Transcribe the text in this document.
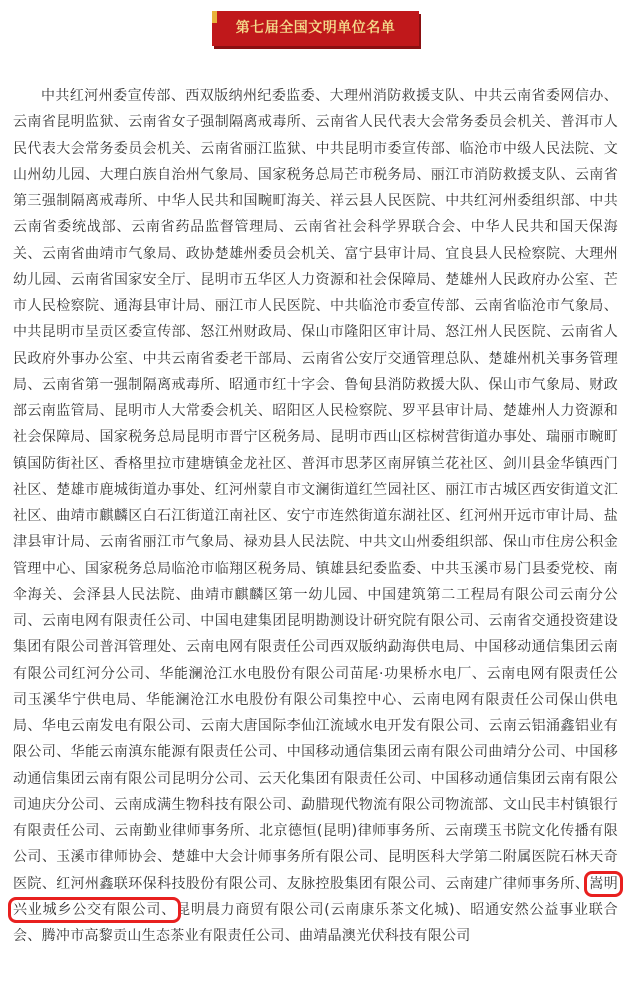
第七届全国文明单位名单
中共红河州委宣传部、西双版纳州纪委监委、大理州消防救援支队、中共云南省委网信办、云南省昆明监狱、云南省女子强制隔离戒毒所、云南省人民代表大会常务委员会机关、普洱市人民代表大会常务委员会机关、云南省丽江监狱、中共昆明市委宣传部、临沧市中级人民法院、文山州幼儿园、大理白族自治州气象局、国家税务总局芒市税务局、丽江市消防救援支队、云南省第三强制隔离戒毒所、中华人民共和国畹町海关、祥云县人民医院、中共红河州委组织部、中共云南省委统战部、云南省药品监督管理局、云南省社会科学界联合会、中华人民共和国天保海关、云南省曲靖市气象局、政协楚雄州委员会机关、富宁县审计局、宜良县人民检察院、大理州幼儿园、云南省国家安全厅、昆明市五华区人力资源和社会保障局、楚雄州人民政府办公室、芒市人民检察院、通海县审计局、丽江市人民医院、中共临沧市委宣传部、云南省临沧市气象局、中共昆明市呈贡区委宣传部、怒江州财政局、保山市隆阳区审计局、怒江州人民医院、云南省人民政府外事办公室、中共云南省委老干部局、云南省公安厅交通管理总队、楚雄州机关事务管理局、云南省第一强制隔离戒毒所、昭通市红十字会、鲁甸县消防救援大队、保山市气象局、财政部云南监管局、昆明市人大常委会机关、昭阳区人民检察院、罗平县审计局、楚雄州人力资源和社会保障局、国家税务总局昆明市晋宁区税务局、昆明市西山区棕树营街道办事处、瑞丽市畹町镇国防街社区、香格里拉市建塘镇金龙社区、普洱市思茅区南屏镇兰花社区、剑川县金华镇西门社区、楚雄市鹿城街道办事处、红河州蒙自市文澜街道红竺园社区、丽江市古城区西安街道文汇社区、曲靖市麒麟区白石江街道江南社区、安宁市连然街道东湖社区、红河州开远市审计局、盐津县审计局、云南省丽江市气象局、禄劝县人民法院、中共文山州委组织部、保山市住房公积金管理中心、国家税务总局临沧市临翔区税务局、镇雄县纪委监委、中共玉溪市易门县委党校、南伞海关、会泽县人民法院、曲靖市麒麟区第一幼儿园、中国建筑第二工程局有限公司云南分公司、云南电网有限责任公司、中国电建集团昆明勘测设计研究院有限公司、云南省交通投资建设集团有限公司普洱管理处、云南电网有限责任公司西双版纳勐海供电局、中国移动通信集团云南有限公司红河分公司、华能澜沧江水电股份有限公司苗尾·功果桥水电厂、云南电网有限责任公司玉溪华宁供电局、华能澜沧江水电股份有限公司集控中心、云南电网有限责任公司保山供电局、华电云南发电有限公司、云南大唐国际李仙江流域水电开发有限公司、云南云铝涌鑫铝业有限公司、华能云南滇东能源有限责任公司、中国移动通信集团云南有限公司曲靖分公司、中国移动通信集团云南有限公司昆明分公司、云天化集团有限责任公司、中国移动通信集团云南有限公司迪庆分公司、云南成满生物科技有限公司、勐腊现代物流有限公司物流部、文山民丰村镇银行有限责任公司、云南勤业律师事务所、北京德恒(昆明)律师事务所、云南璞玉书院文化传播有限公司、玉溪市律师协会、楚雄中大会计师事务所有限公司、昆明医科大学第二附属医院石林天奇医院、红河州鑫联环保科技股份有限公司、友脉控股集团有限公司、云南建广律师事务所、嵩明兴业城乡公交有限公司、昆明晨力商贸有限公司(云南康乐茶文化城)、昭通安然公益事业联合会、腾冲市高黎贡山生态茶业有限责任公司、曲靖晶澳光伏科技有限公司
